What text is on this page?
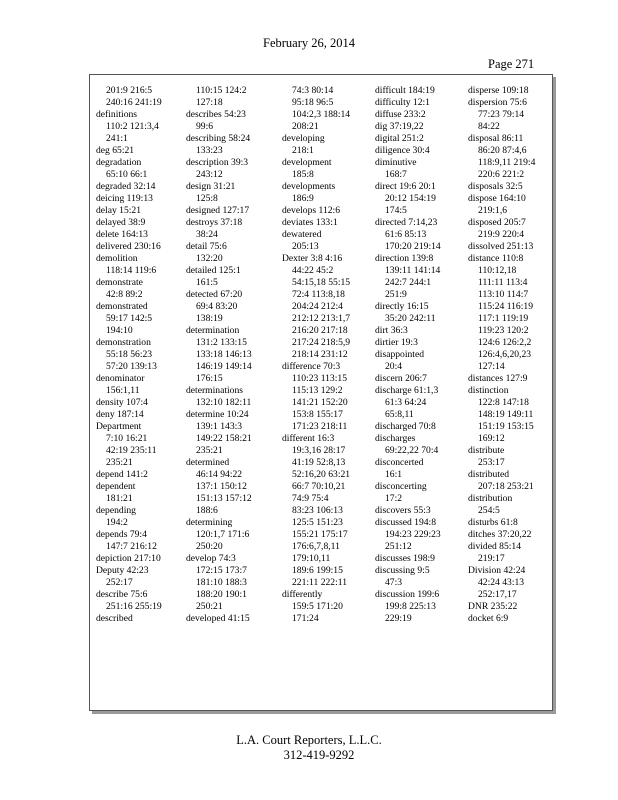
February 26, 2014
Page 271
201:9 216:5
240:16 241:19
definitions
110:2 121:3,4
241:1
deg 65:21
degradation
65:10 66:1
degraded 32:14
deicing 119:13
delay 15:21
delayed 38:9
delete 164:13
delivered 230:16
demolition
118:14 119:6
demonstrate
42:8 89:2
demonstrated
59:17 142:5
194:10
demonstration
55:18 56:23
57:20 139:13
denominator
156:1,11
density 107:4
deny 187:14
Department
7:10 16:21
42:19 235:11
235:21
depend 141:2
dependent
181:21
depending
194:2
depends 79:4
147:7 216:12
depiction 217:10
Deputy 42:23
252:17
describe 75:6
251:16 255:19
described
110:15 124:2
127:18
describes 54:23
99:6
describing 58:24
133:23
description 39:3
243:12
design 31:21
125:8
designed 127:17
destroys 37:18
38:24
detail 75:6
132:20
detailed 125:1
161:5
detected 67:20
69:4 83:20
138:19
determination
131:2 133:15
133:18 146:13
146:19 149:14
176:15
determinations
132:10 182:11
determine 10:24
139:1 143:3
149:22 158:21
235:21
determined
46:14 94:22
137:1 150:12
151:13 157:12
188:6
determining
120:1,7 171:6
250:20
develop 74:3
172:15 173:7
181:10 188:3
188:20 190:1
250:21
developed 41:15
74:3 80:14
95:18 96:5
104:2,3 188:14
208:21
developing
218:1
development
185:8
developments
186:9
develops 112:6
deviates 133:1
dewatered
205:13
Dexter 3:8 4:16
44:22 45:2
54:15,18 55:15
72:4 113:8,18
204:24 212:4
212:12 213:1,7
216:20 217:18
217:24 218:5,9
218:14 231:12
difference 70:3
110:23 113:15
115:13 129:2
141:21 152:20
153:8 155:17
171:23 218:11
different 16:3
19:3,16 28:17
41:19 52:8,13
52:16,20 63:21
66:7 70:10,21
74:9 75:4
83:23 106:13
125:5 151:23
155:21 175:17
176:6,7,8,11
179:10,11
189:6 199:15
221:11 222:11
differently
159:5 171:20
171:24
difficult 184:19
difficulty 12:1
diffuse 233:2
dig 37:19,22
digital 251:2
diligence 30:4
diminutive
168:7
direct 19:6 20:1
20:12 154:19
174:5
directed 7:14,23
61:6 85:13
170:20 219:14
direction 139:8
139:11 141:14
242:7 244:1
251:9
directly 16:15
35:20 242:11
dirt 36:3
dirtier 19:3
disappointed
20:4
discern 206:7
discharge 61:1,3
61:3 64:24
65:8,11
discharged 70:8
discharges
69:22,22 70:4
disconcerted
16:1
disconcerting
17:2
discovers 55:3
discussed 194:8
194:23 229:23
251:12
discusses 198:9
discussing 9:5
47:3
discussion 199:6
199:8 225:13
229:19
disperse 109:18
dispersion 75:6
77:23 79:14
84:22
disposal 86:11
86:20 87:4,6
118:9,11 219:4
220:6 221:2
disposals 32:5
dispose 164:10
219:1,6
disposed 205:7
219:9 220:4
dissolved 251:13
distance 110:8
110:12,18
111:11 113:4
113:10 114:7
115:24 116:19
117:1 119:19
119:23 120:2
124:6 126:2,2
126:4,6,20,23
127:14
distances 127:9
distinction
122:8 147:18
148:19 149:11
151:19 153:15
169:12
distribute
253:17
distributed
207:18 253:21
distribution
254:5
disturbs 61:8
ditches 37:20,22
divided 85:14
219:17
Division 42:24
42:24 43:13
252:17,17
DNR 235:22
docket 6:9
L.A. Court Reporters, L.L.C.
312-419-9292
